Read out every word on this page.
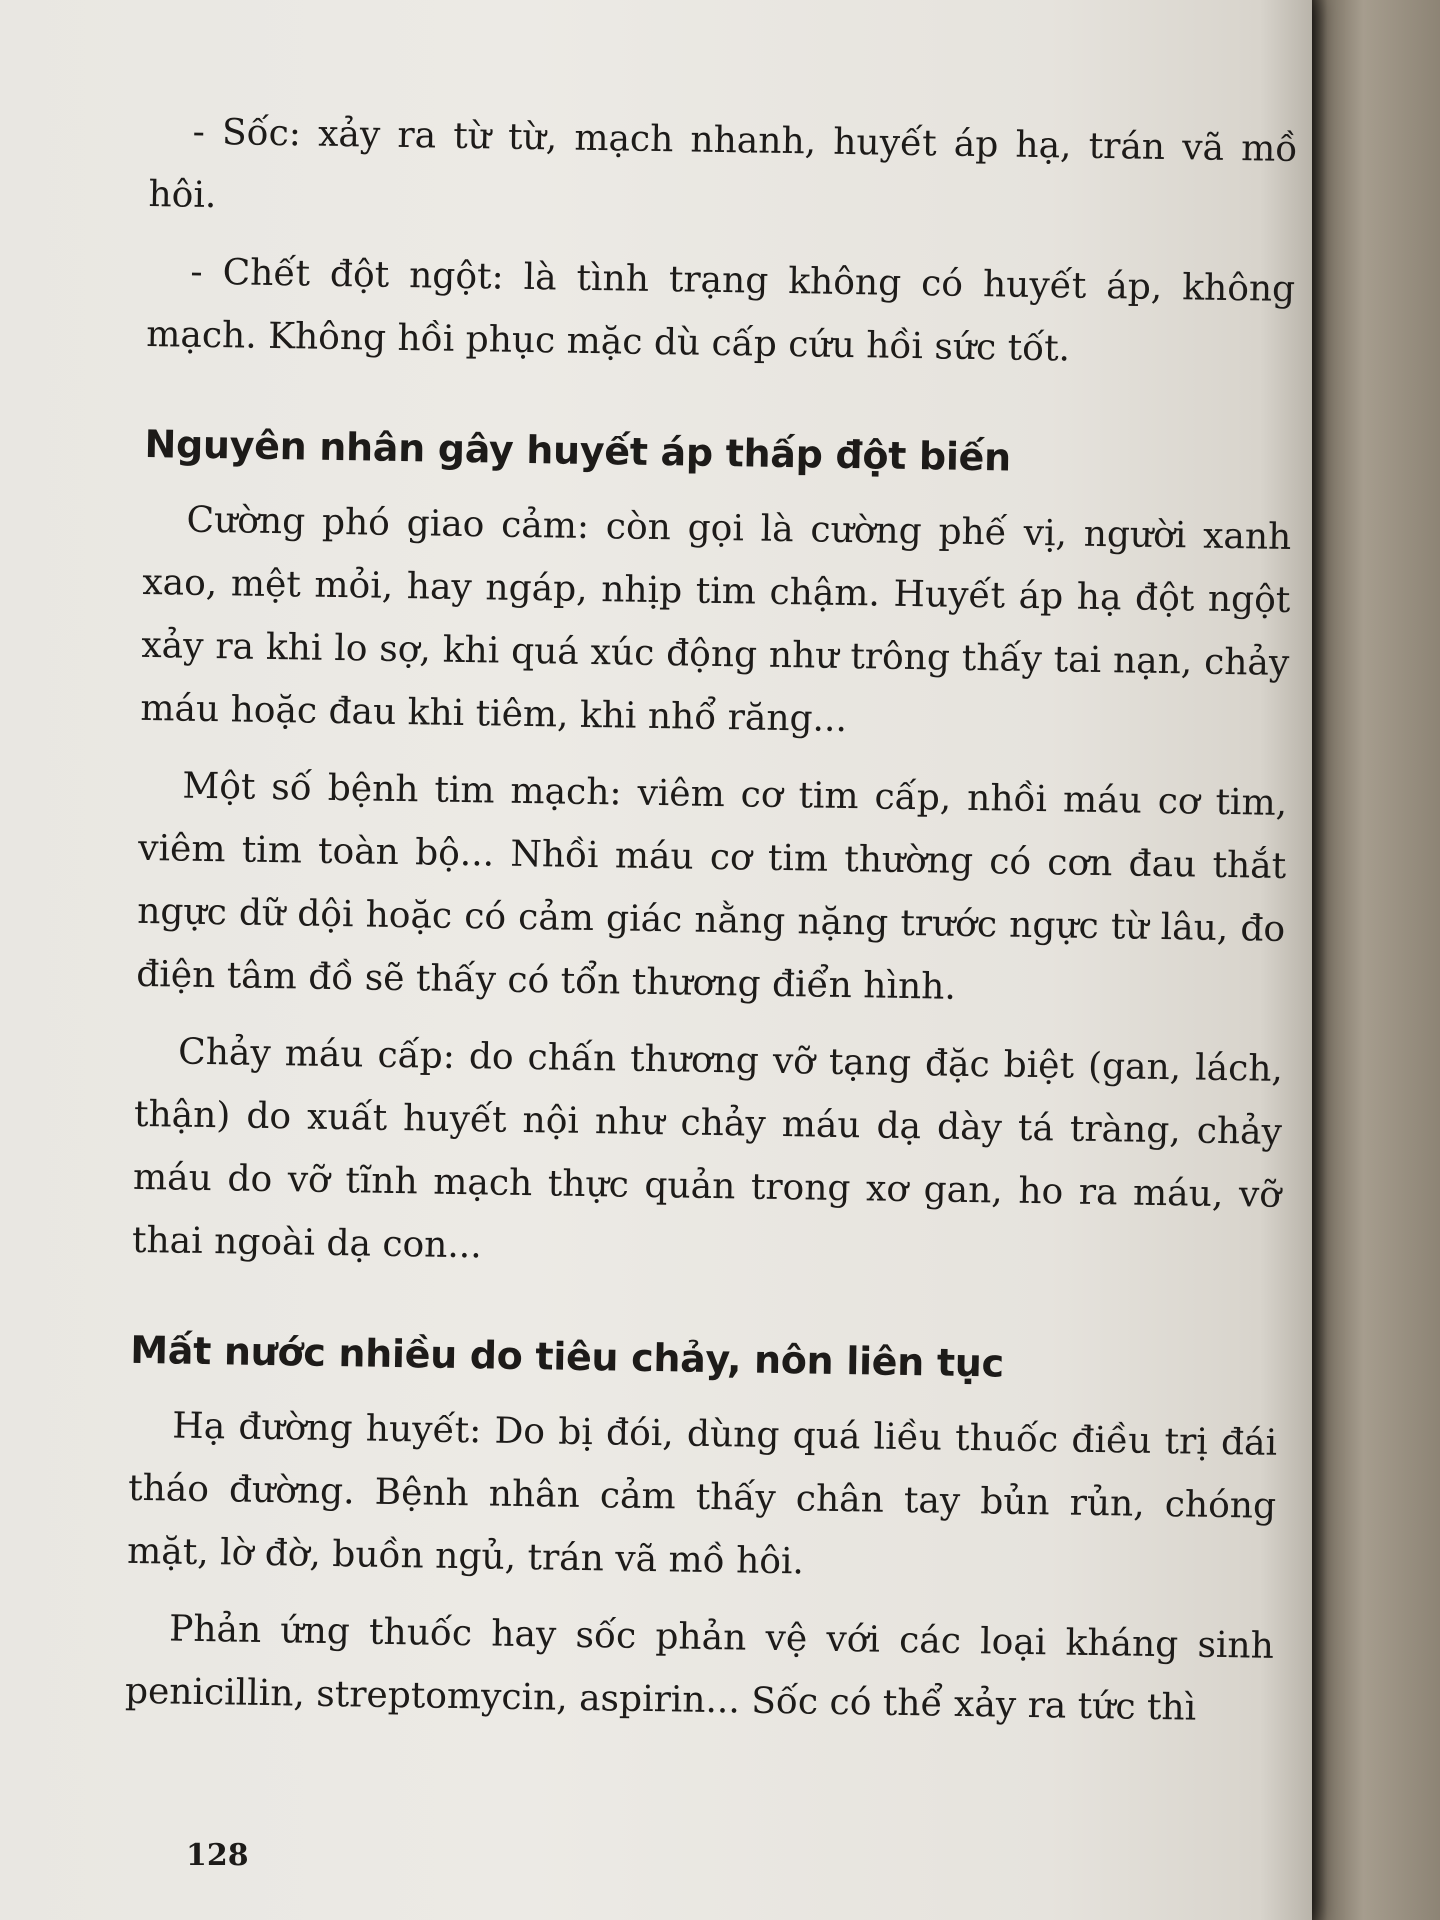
- Sốc: xảy ra từ từ, mạch nhanh, huyết áp hạ, trán vã mồ hôi.

- Chết đột ngột: là tình trạng không có huyết áp, không mạch. Không hồi phục mặc dù cấp cứu hồi sức tốt.

Nguyên nhân gây huyết áp thấp đột biến

Cường phó giao cảm: còn gọi là cường phế vị, người xanh xao, mệt mỏi, hay ngáp, nhịp tim chậm. Huyết áp hạ đột ngột xảy ra khi lo sợ, khi quá xúc động như trông thấy tai nạn, chảy máu hoặc đau khi tiêm, khi nhổ răng...

Một số bệnh tim mạch: viêm cơ tim cấp, nhồi máu cơ tim, viêm tim toàn bộ... Nhồi máu cơ tim thường có cơn đau thắt ngực dữ dội hoặc có cảm giác nằng nặng trước ngực từ lâu, đo điện tâm đồ sẽ thấy có tổn thương điển hình.

Chảy máu cấp: do chấn thương vỡ tạng đặc biệt (gan, lách, thận) do xuất huyết nội như chảy máu dạ dày tá tràng, chảy máu do vỡ tĩnh mạch thực quản trong xơ gan, ho ra máu, vỡ thai ngoài dạ con...

Mất nước nhiều do tiêu chảy, nôn liên tục

Hạ đường huyết: Do bị đói, dùng quá liều thuốc điều trị đái tháo đường. Bệnh nhân cảm thấy chân tay bủn rủn, chóng mặt, lờ đờ, buồn ngủ, trán vã mồ hôi.

Phản ứng thuốc hay sốc phản vệ với các loại kháng sinh penicillin, streptomycin, aspirin... Sốc có thể xảy ra tức thì

128
